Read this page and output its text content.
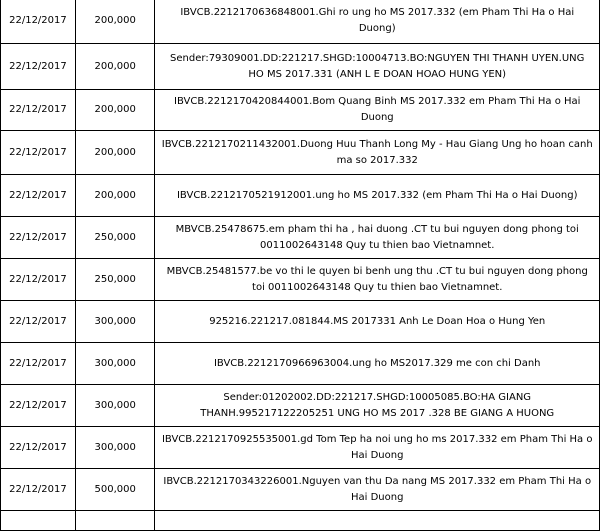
22/12/2017	200,000	IBVCB.2212170636848001.Ghi ro ung ho MS 2017.332 (em Pham Thi Ha o Hai Duong)
22/12/2017	200,000	Sender:79309001.DD:221217.SHGD:10004713.BO:NGUYEN THI THANH UYEN.UNG HO MS 2017.331 (ANH L E DOAN HOAO HUNG YEN)
22/12/2017	200,000	IBVCB.2212170420844001.Bom Quang Binh MS 2017.332 em Pham Thi Ha o Hai Duong
22/12/2017	200,000	IBVCB.2212170211432001.Duong Huu Thanh Long My - Hau Giang Ung ho hoan canh ma so 2017.332
22/12/2017	200,000	IBVCB.2212170521912001.ung ho MS 2017.332 (em Pham Thi Ha o Hai Duong)
22/12/2017	250,000	MBVCB.25478675.em pham thi ha , hai duong .CT tu bui nguyen dong phong toi 0011002643148 Quy tu thien bao Vietnamnet.
22/12/2017	250,000	MBVCB.25481577.be vo thi le quyen bi benh ung thu .CT tu bui nguyen dong phong toi 0011002643148 Quy tu thien bao Vietnamnet.
22/12/2017	300,000	925216.221217.081844.MS 2017331 Anh Le Doan Hoa o Hung Yen
22/12/2017	300,000	IBVCB.2212170966963004.ung ho MS2017.329 me con chi Danh
22/12/2017	300,000	Sender:01202002.DD:221217.SHGD:10005085.BO:HA GIANG THANH.995217122205251 UNG HO MS 2017 .328 BE GIANG A HUONG
22/12/2017	300,000	IBVCB.2212170925535001.gd Tom Tep ha noi ung ho ms 2017.332 em Pham Thi Ha o Hai Duong
22/12/2017	500,000	IBVCB.2212170343226001.Nguyen van thu Da nang MS 2017.332 em Pham Thi Ha o Hai Duong
